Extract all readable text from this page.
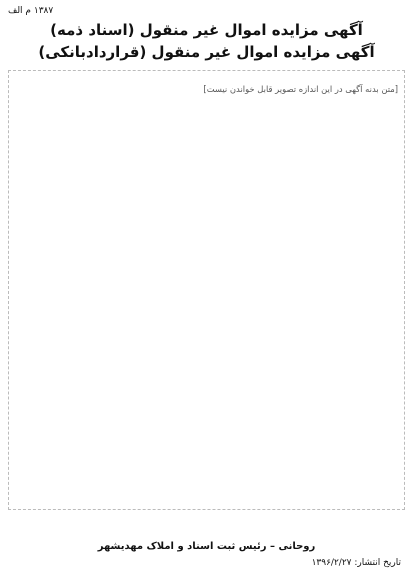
۱۳۸۷ م الف
آگهی مزایده اموال غیر منقول (اسناد ذمه)
آگهی مزایده اموال غیر منقول (قراردادبانکی)

[متن بدنه آگهی در این اندازه تصویر قابل خواندن نیست]

روحانی – رئیس ثبت اسناد و املاک مهدیشهر
تاریخ انتشار: ۱۳۹۶/۲/۲۷
